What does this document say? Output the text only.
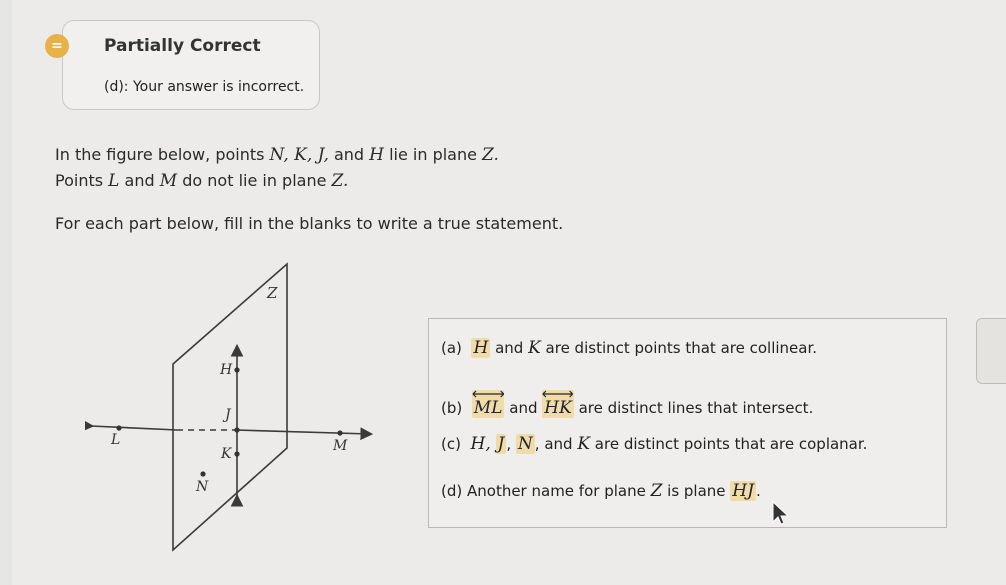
=	Partially Correct
(d): Your answer is incorrect.
In the figure below, points N, K, J, and H lie in plane Z.
Points L and M do not lie in plane Z.
For each part below, fill in the blanks to write a true statement.
Z
H
J
K
L	M
N
(a) H and K are distinct points that are collinear.
(b) ML and
HK are distinct lines that intersect.
(c) H, J , N , and K are distinct points that are coplanar.
(d) Another name for plane Z is plane HJ .
